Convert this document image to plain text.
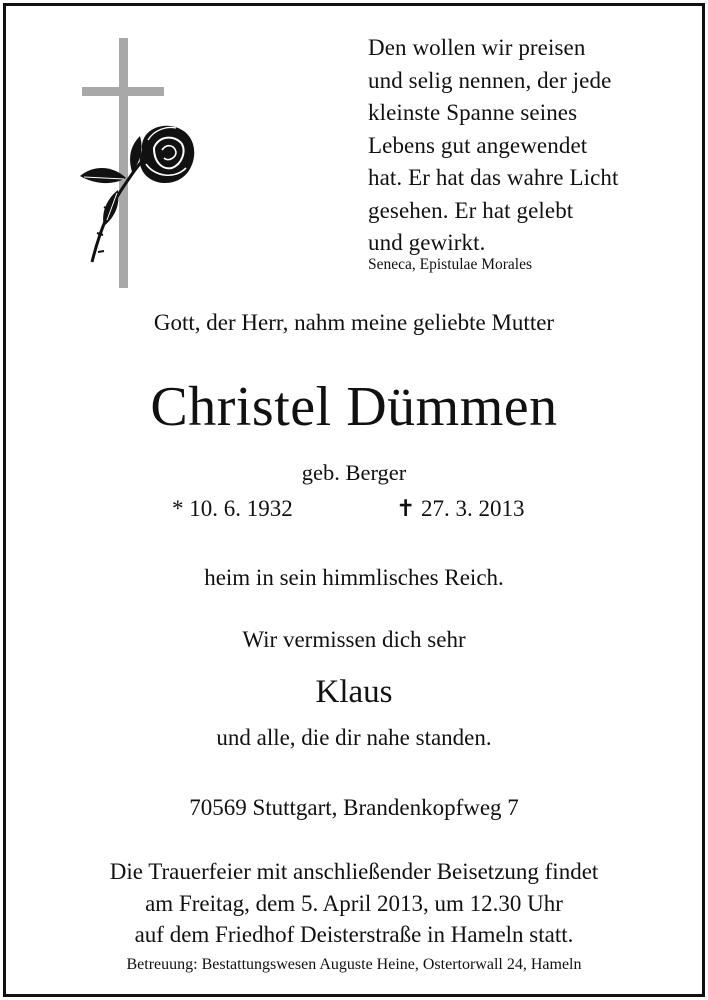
Den wollen wir preisen
und selig nennen, der jede
kleinste Spanne seines
Lebens gut angewendet
hat. Er hat das wahre Licht
gesehen. Er hat gelebt
und gewirkt.
Seneca, Epistulae Morales
Gott, der Herr, nahm meine geliebte Mutter
Christel Dümmen
geb. Berger
* 10. 6. 1932	✝ 27. 3. 2013
heim in sein himmlisches Reich.
Wir vermissen dich sehr
Klaus
und alle, die dir nahe standen.
70569 Stuttgart, Brandenkopfweg 7
Die Trauerfeier mit anschließender Beisetzung findet
am Freitag, dem 5. April 2013, um 12.30 Uhr
auf dem Friedhof Deisterstraße in Hameln statt.
Betreuung: Bestattungswesen Auguste Heine, Ostertorwall 24, Hameln
